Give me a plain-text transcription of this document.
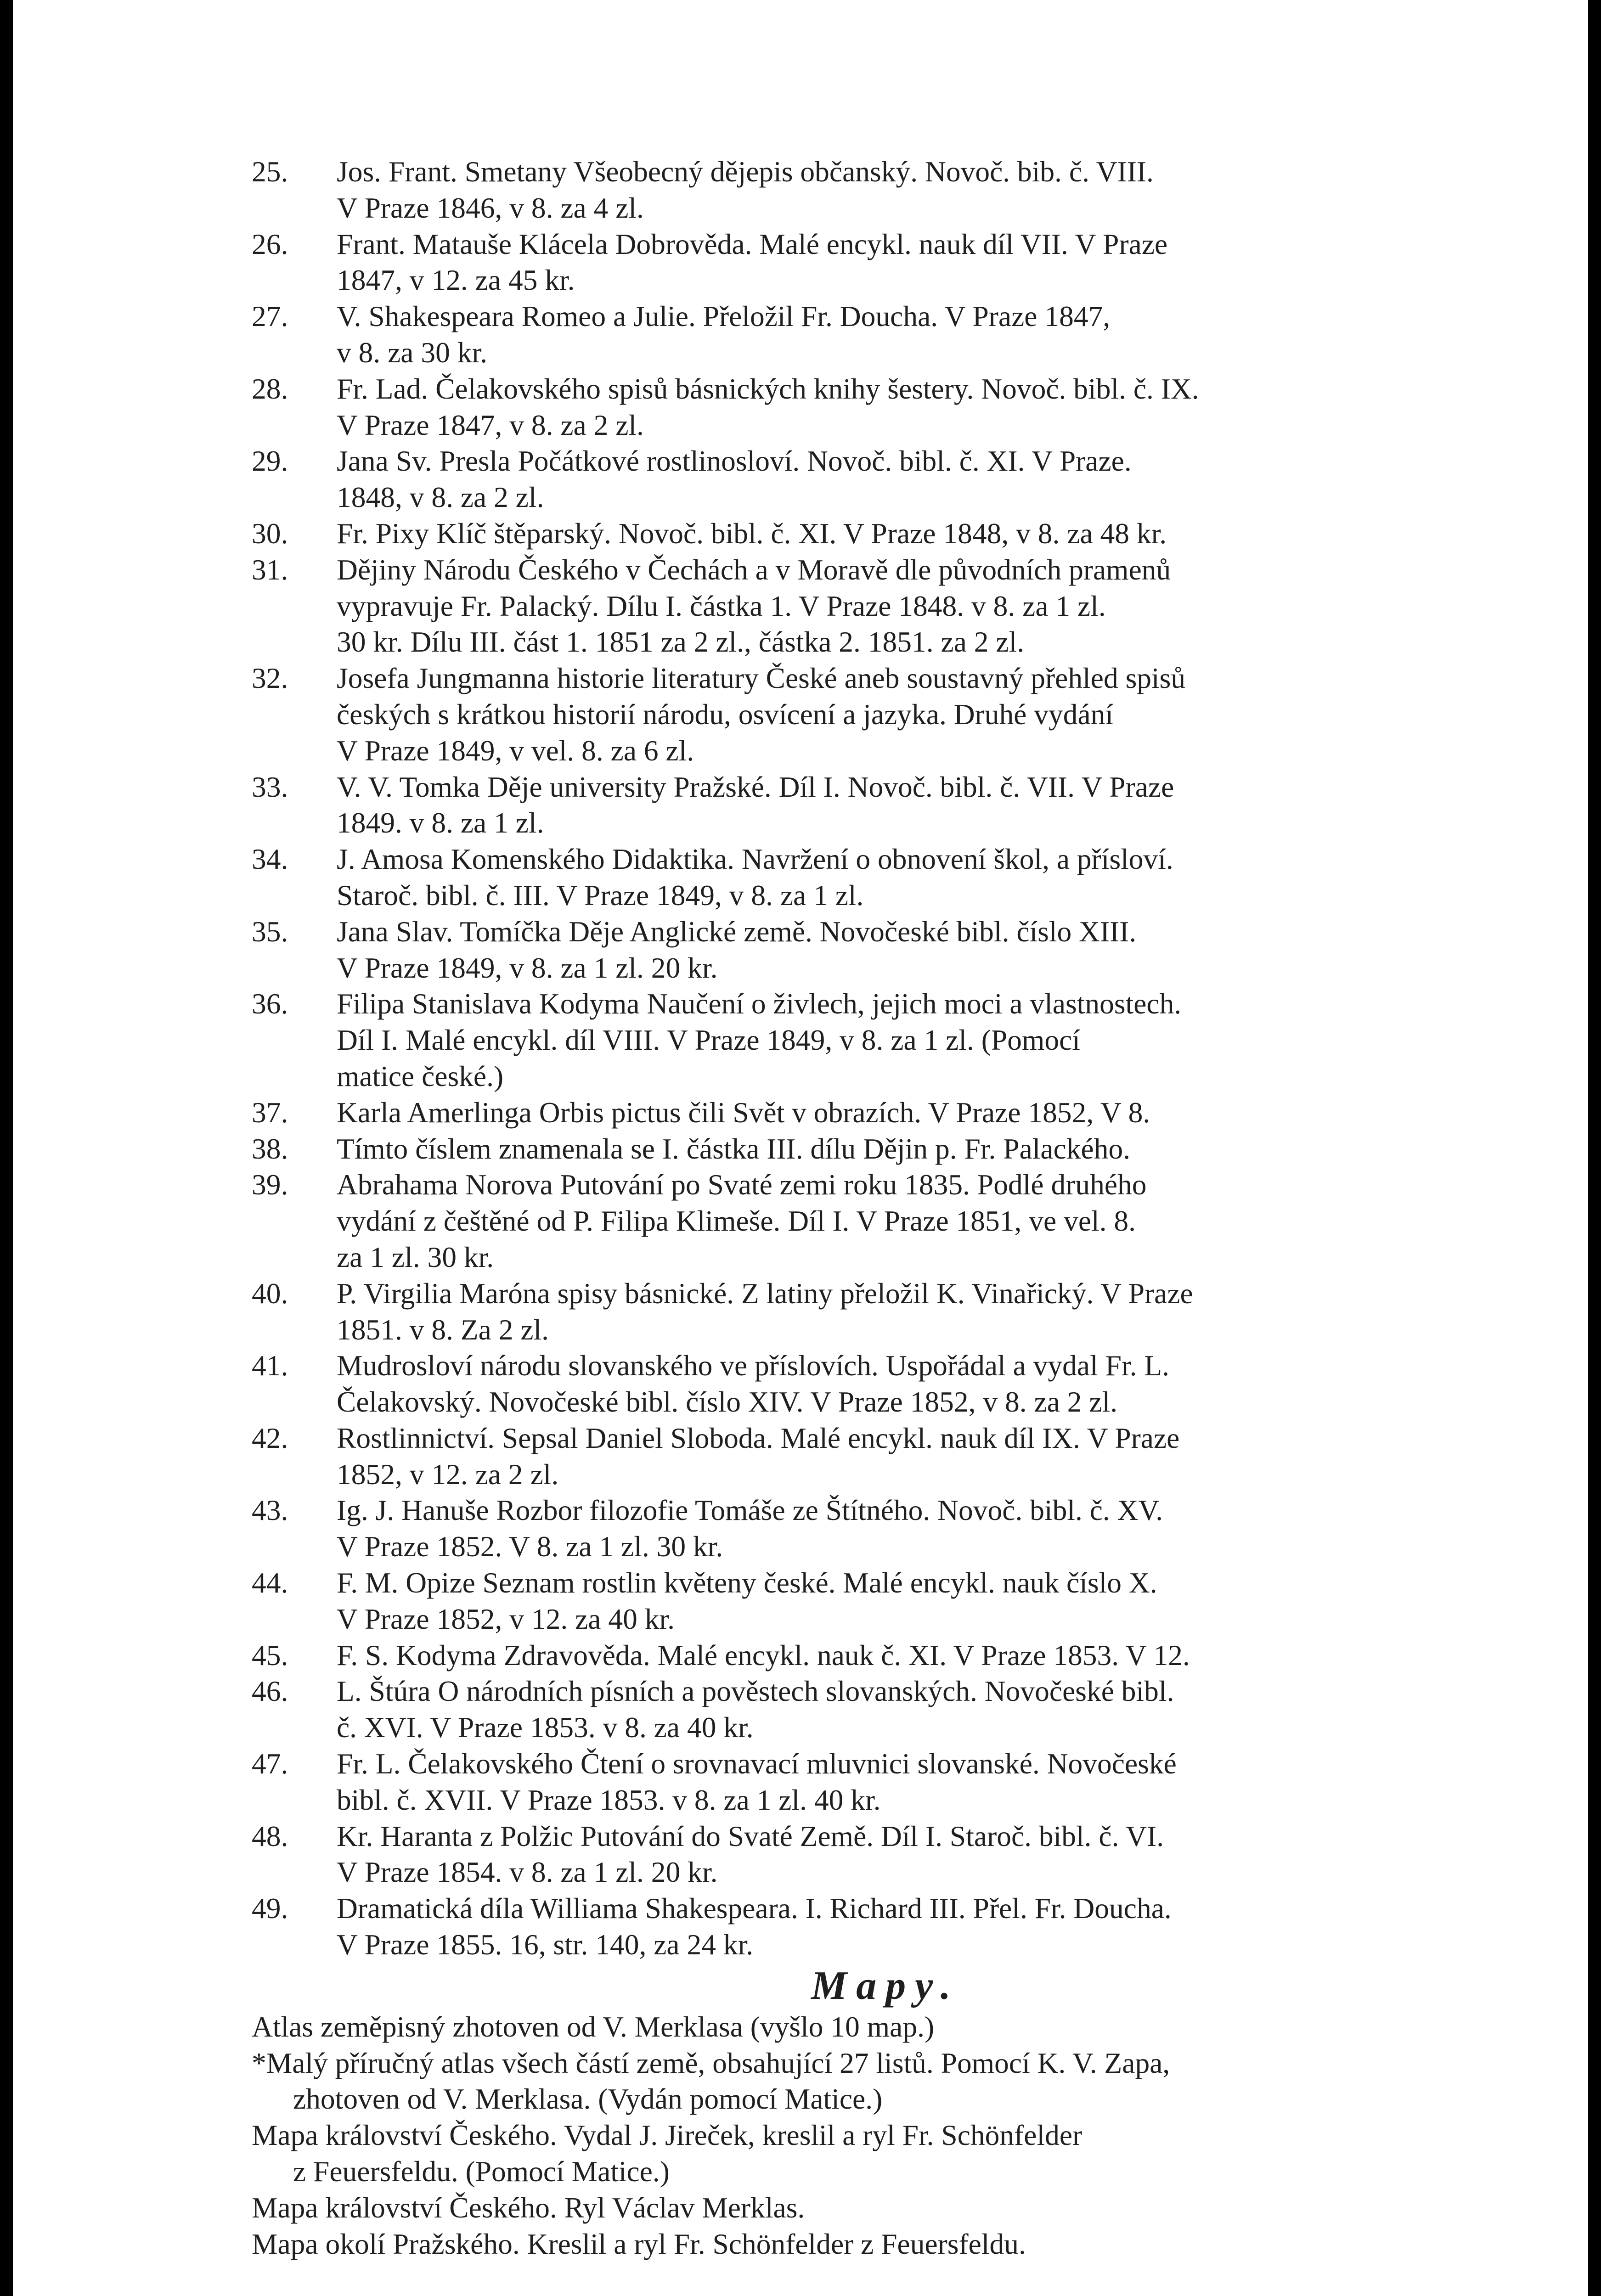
25. Jos. Frant. Smetany Všeobecný dějepis občanský. Novoč. bib. č. VIII.
V Praze 1846, v 8. za 4 zl.
26. Frant. Mataušе Klácela Dobrověda. Malé encykl. nauk díl VII. V Praze
1847, v 12. za 45 kr.
27. V. Shakespeara Romeo a Julie. Přeložil Fr. Doucha. V Praze 1847,
v 8. za 30 kr.
28. Fr. Lad. Čelakovského spisů básnických knihy šestery. Novoč. bibl. č. IX.
V Praze 1847, v 8. za 2 zl.
29. Jana Sv. Presla Počátkové rostlinosloví. Novoč. bibl. č. XI. V Praze.
1848, v 8. za 2 zl.
30. Fr. Pixy Klíč štěparský. Novoč. bibl. č. XI. V Praze 1848, v 8. za 48 kr.
31. Dějiny Národu Českého v Čechách a v Moravě dle původních pramenů
vypravuje Fr. Palacký. Dílu I. částka 1. V Praze 1848. v 8. za 1 zl.
30 kr. Dílu III. část 1. 1851 za 2 zl., částka 2. 1851. za 2 zl.
32. Josefa Jungmanna historie literatury České aneb soustavný přehled spisů
českých s krátkou historií národu, osvícení a jazyka. Druhé vydání
V Praze 1849, v vel. 8. za 6 zl.
33. V. V. Tomka Děje university Pražské. Díl I. Novoč. bibl. č. VII. V Praze
1849. v 8. za 1 zl.
34. J. Amosa Komenského Didaktika. Navržení o obnovení škol, a přísloví.
Staroč. bibl. č. III. V Praze 1849, v 8. za 1 zl.
35. Jana Slav. Tomíčka Děje Anglické země. Novočeské bibl. číslo XIII.
V Praze 1849, v 8. za 1 zl. 20 kr.
36. Filipa Stanislava Kodyma Naučení o živlech, jejich moci a vlastnostech.
Díl I. Malé encykl. díl VIII. V Praze 1849, v 8. za 1 zl. (Pomocí
matice české.)
37. Karla Amerlinga Orbis pictus čili Svět v obrazích. V Praze 1852, V 8.
38. Tímto číslem znamenala se I. částka III. dílu Dějin p. Fr. Palackého.
39. Abrahama Norova Putování po Svaté zemi roku 1835. Podlé druhého
vydání z češtěné od P. Filipa Klimeše. Díl I. V Praze 1851, ve vel. 8.
za 1 zl. 30 kr.
40. P. Virgilia Maróna spisy básnické. Z latiny přeložil K. Vinařický. V Praze
1851. v 8. Za 2 zl.
41. Mudrosloví národu slovanského ve příslovích. Uspořádal a vydal Fr. L.
Čelakovský. Novočeské bibl. číslo XIV. V Praze 1852, v 8. za 2 zl.
42. Rostlinnictví. Sepsal Daniel Sloboda. Malé encykl. nauk díl IX. V Praze
1852, v 12. za 2 zl.
43. Ig. J. Hanuše Rozbor filozofie Tomáše ze Štítného. Novoč. bibl. č. XV.
V Praze 1852. V 8. za 1 zl. 30 kr.
44. F. M. Opize Seznam rostlin květeny české. Malé encykl. nauk číslo X.
V Praze 1852, v 12. za 40 kr.
45. F. S. Kodyma Zdravověda. Malé encykl. nauk č. XI. V Praze 1853. V 12.
46. L. Štúra O národních písních a pověstech slovanských. Novočeské bibl.
č. XVI. V Praze 1853. v 8. za 40 kr.
47. Fr. L. Čelakovského Čtení o srovnavací mluvnici slovanské. Novočeské
bibl. č. XVII. V Praze 1853. v 8. za 1 zl. 40 kr.
48. Kr. Haranta z Polžic Putování do Svaté Země. Díl I. Staroč. bibl. č. VI.
V Praze 1854. v 8. za 1 zl. 20 kr.
49. Dramatická díla Williama Shakespeara. I. Richard III. Přel. Fr. Doucha.
V Praze 1855. 16, str. 140, za 24 kr.
Mapy.
Atlas zeměpisný zhotoven od V. Merklasa (vyšlo 10 map.)
*Malý příručný atlas všech částí země, obsahující 27 listů. Pomocí K. V. Zapa,
zhotoven od V. Merklasa. (Vydán pomocí Matice.)
Mapa království Českého. Vydal J. Jireček, kreslil a ryl Fr. Schönfelder
z Feuersfeldu. (Pomocí Matice.)
Mapa království Českého. Ryl Václav Merklas.
Mapa okolí Pražského. Kreslil a ryl Fr. Schönfelder z Feuersfeldu.
